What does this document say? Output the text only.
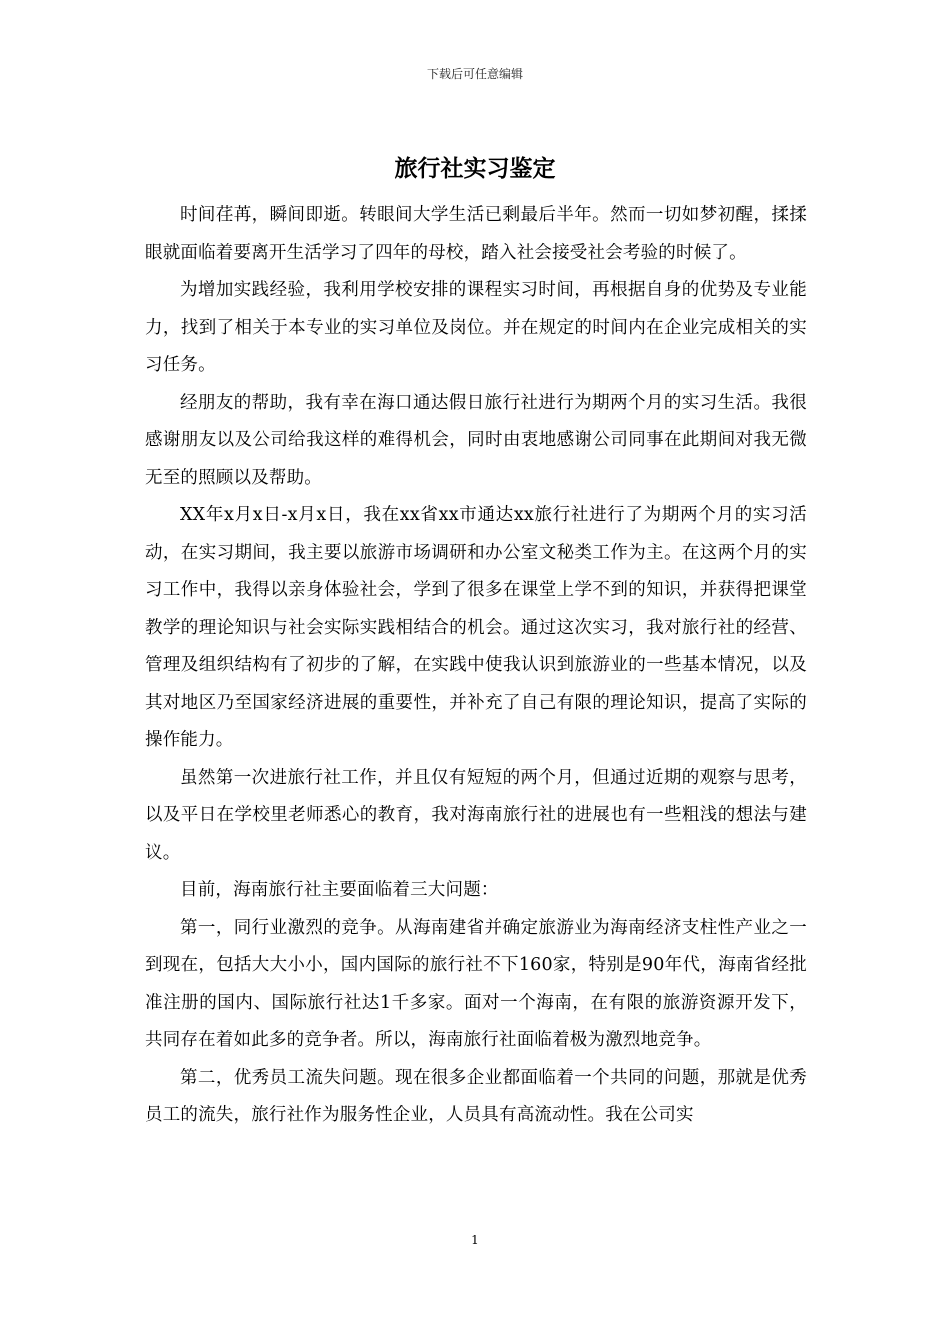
下载后可任意编辑
旅行社实习鉴定

时间荏苒，瞬间即逝。转眼间大学生活已剩最后半年。然而一切如梦初醒，揉揉眼就面临着要离开生活学习了四年的母校，踏入社会接受社会考验的时候了。

为增加实践经验，我利用学校安排的课程实习时间，再根据自身的优势及专业能力，找到了相关于本专业的实习单位及岗位。并在规定的时间内在企业完成相关的实习任务。

经朋友的帮助，我有幸在海口通达假日旅行社进行为期两个月的实习生活。我很感谢朋友以及公司给我这样的难得机会，同时由衷地感谢公司同事在此期间对我无微无至的照顾以及帮助。

XX年x月x日-x月x日，我在xx省xx市通达xx旅行社进行了为期两个月的实习活动，在实习期间，我主要以旅游市场调研和办公室文秘类工作为主。在这两个月的实习工作中，我得以亲身体验社会，学到了很多在课堂上学不到的知识，并获得把课堂教学的理论知识与社会实际实践相结合的机会。通过这次实习，我对旅行社的经营、管理及组织结构有了初步的了解，在实践中使我认识到旅游业的一些基本情况，以及其对地区乃至国家经济进展的重要性，并补充了自己有限的理论知识，提高了实际的操作能力。

虽然第一次进旅行社工作，并且仅有短短的两个月，但通过近期的观察与思考，以及平日在学校里老师悉心的教育，我对海南旅行社的进展也有一些粗浅的想法与建议。

目前，海南旅行社主要面临着三大问题：

第一，同行业激烈的竞争。从海南建省并确定旅游业为海南经济支柱性产业之一到现在，包括大大小小，国内国际的旅行社不下160家，特别是90年代，海南省经批准注册的国内、国际旅行社达1千多家。面对一个海南，在有限的旅游资源开发下，共同存在着如此多的竞争者。所以，海南旅行社面临着极为激烈地竞争。

第二，优秀员工流失问题。现在很多企业都面临着一个共同的问题，那就是优秀员工的流失，旅行社作为服务性企业，人员具有高流动性。我在公司实

1
